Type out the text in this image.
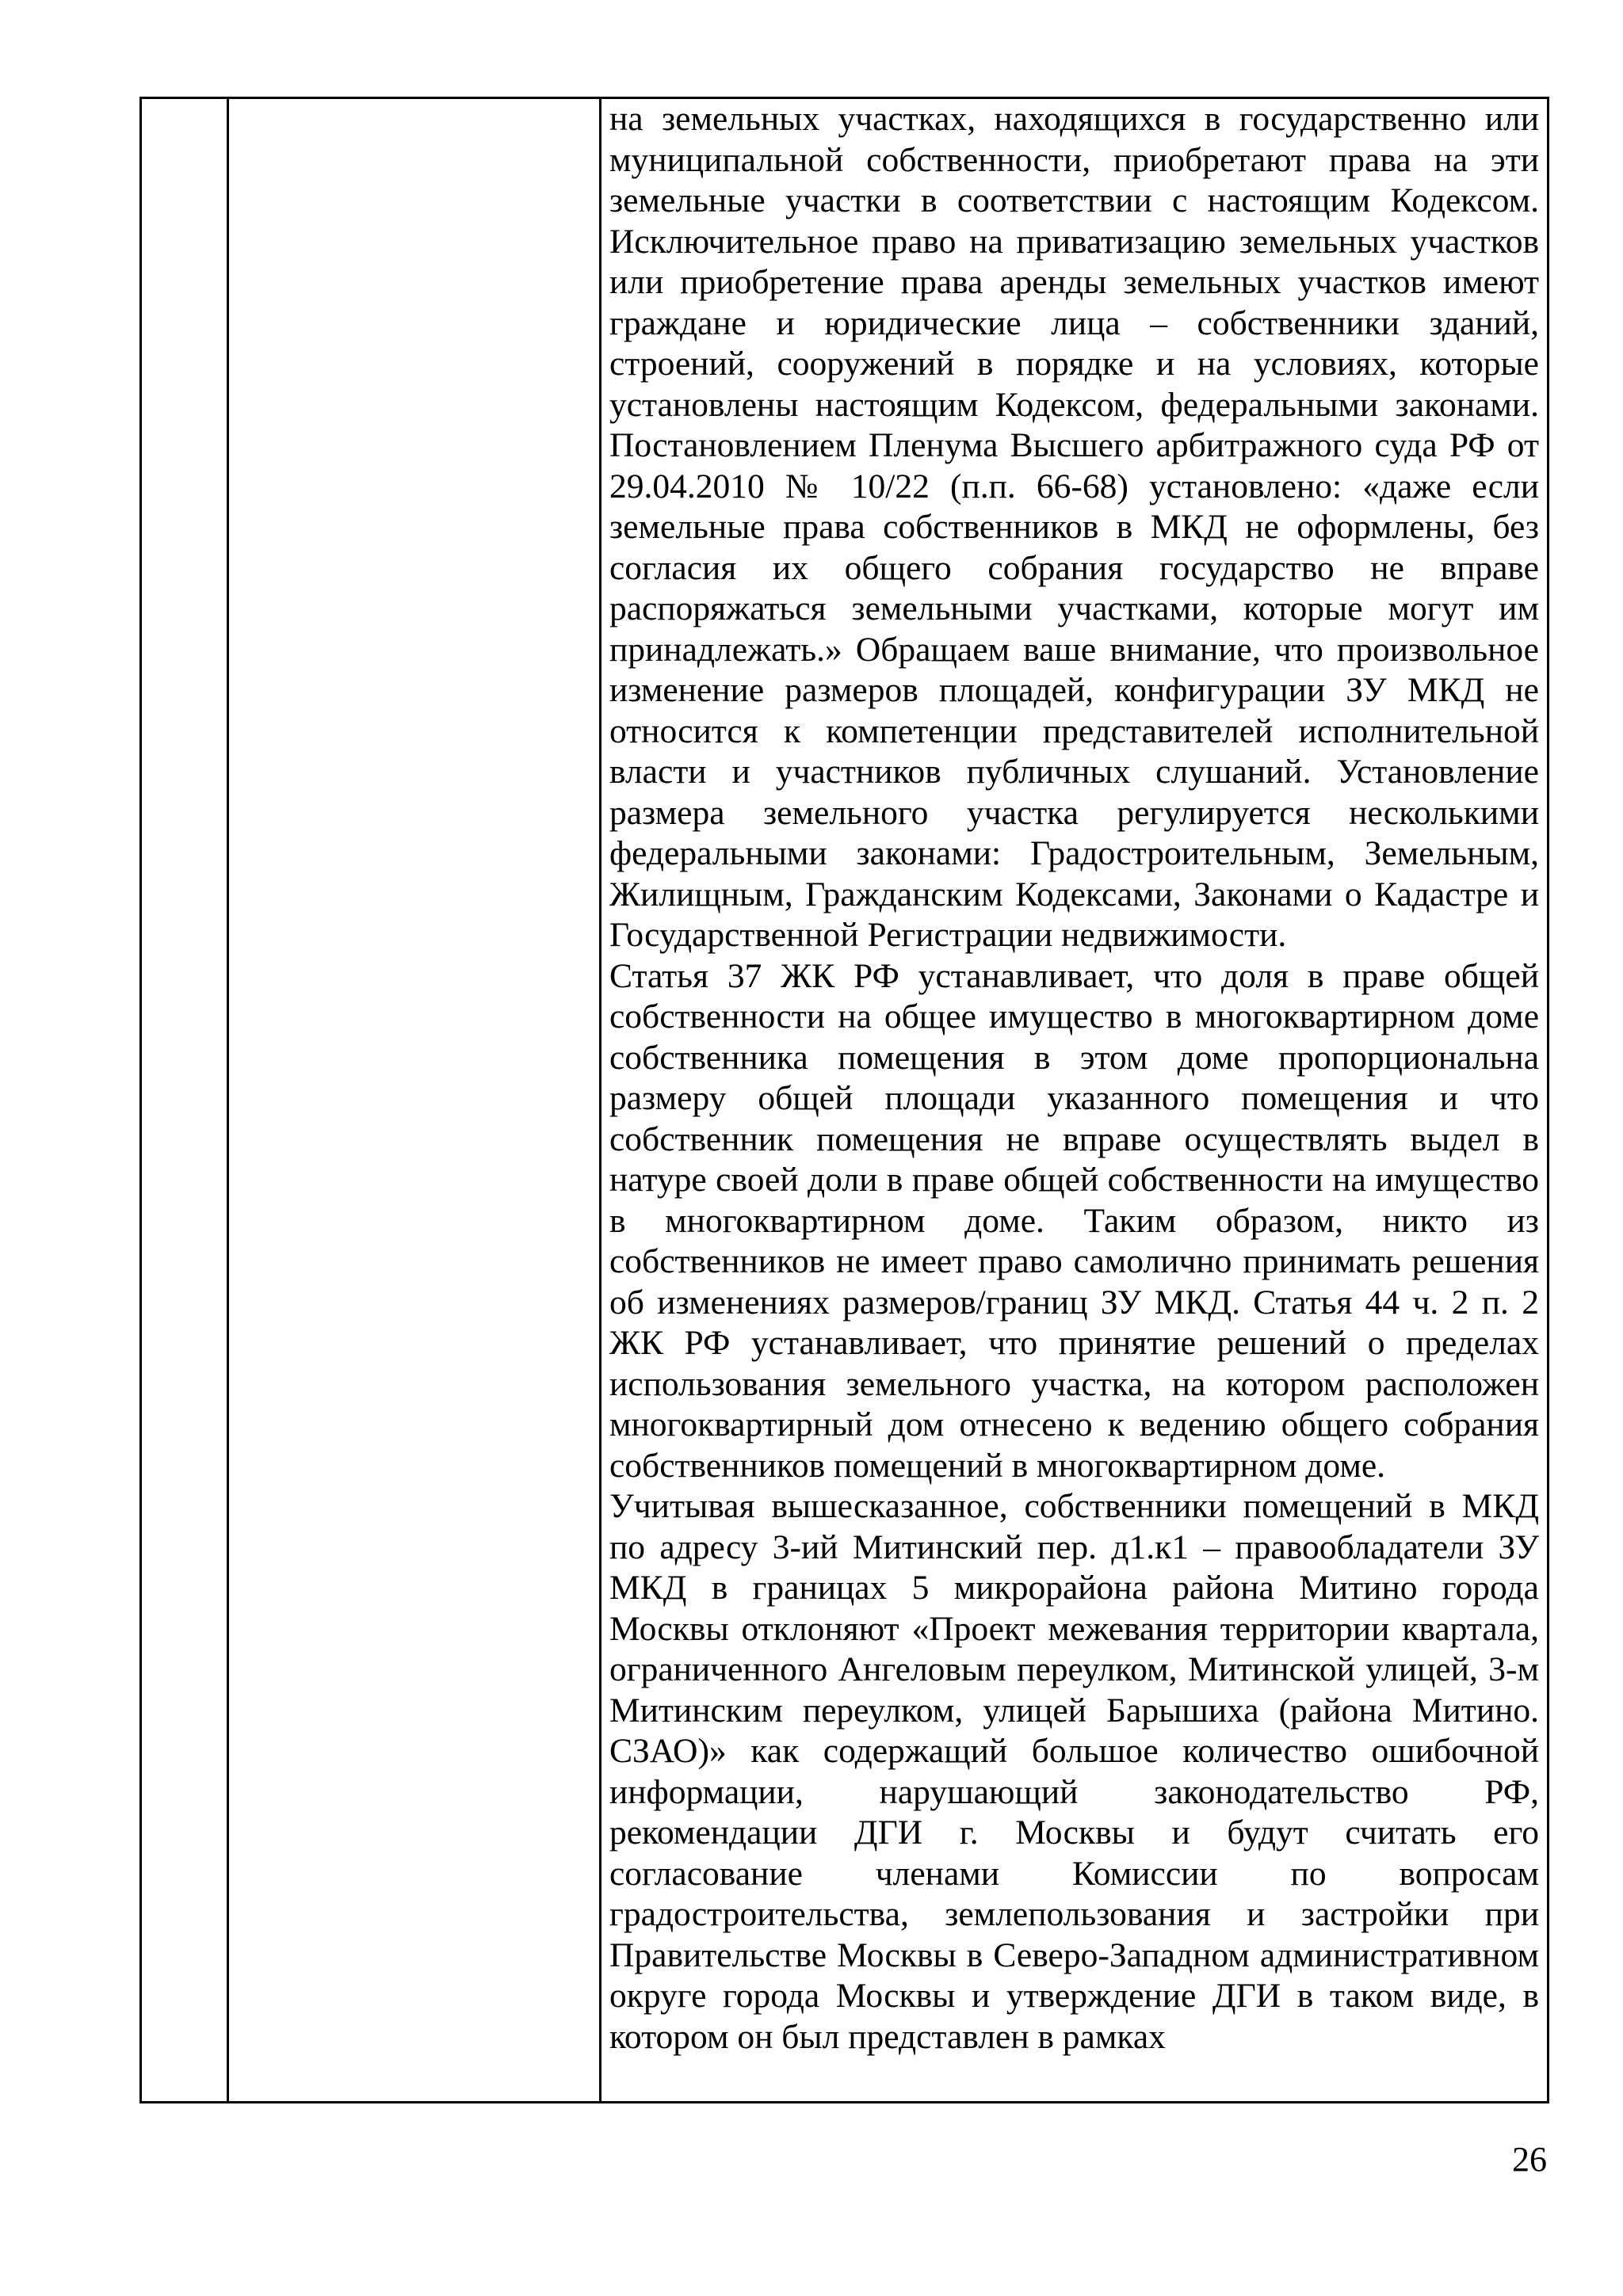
на земельных участках, находящихся в государственно или муниципальной собственности, приобретают права на эти земельные участки в соответствии с настоящим Кодексом. Исключительное право на приватизацию земельных участков или приобретение права аренды земельных участков имеют граждане и юридические лица – собственники зданий, строений, сооружений в порядке и на условиях, которые установлены настоящим Кодексом, федеральными законами. Постановлением Пленума Высшего арбитражного суда РФ от 29.04.2010 № 10/22 (п.п. 66-68) установлено: «даже если земельные права собственников в МКД не оформлены, без согласия их общего собрания государство не вправе распоряжаться земельными участками, которые могут им принадлежать.» Обращаем ваше внимание, что произвольное изменение размеров площадей, конфигурации ЗУ МКД не относится к компетенции представителей исполнительной власти и участников публичных слушаний. Установление размера земельного участка регулируется несколькими федеральными законами: Градостроительным, Земельным, Жилищным, Гражданским Кодексами, Законами о Кадастре и Государственной Регистрации недвижимости.

Статья 37 ЖК РФ устанавливает, что доля в праве общей собственности на общее имущество в многоквартирном доме собственника помещения в этом доме пропорциональна размеру общей площади указанного помещения и что собственник помещения не вправе осуществлять выдел в натуре своей доли в праве общей собственности на имущество в многоквартирном доме. Таким образом, никто из собственников не имеет право самолично принимать решения об изменениях размеров/границ ЗУ МКД. Статья 44 ч. 2 п. 2 ЖК РФ устанавливает, что принятие решений о пределах использования земельного участка, на котором расположен многоквартирный дом отнесено к ведению общего собрания собственников помещений в многоквартирном доме.

Учитывая вышесказанное, собственники помещений в МКД по адресу 3-ий Митинский пер. д1.к1 – правообладатели ЗУ МКД в границах 5 микрорайона района Митино города Москвы отклоняют «Проект межевания территории квартала, ограниченного Ангеловым переулком, Митинской улицей, 3-м Митинским переулком, улицей Барышиха (района Митино. СЗАО)» как содержащий большое количество ошибочной информации, нарушающий законодательство РФ, рекомендации ДГИ г. Москвы и будут считать его согласование членами Комиссии по вопросам градостроительства, землепользования и застройки при Правительстве Москвы в Северо-Западном административном округе города Москвы и утверждение ДГИ в таком виде, в котором он был представлен в рамках

26
